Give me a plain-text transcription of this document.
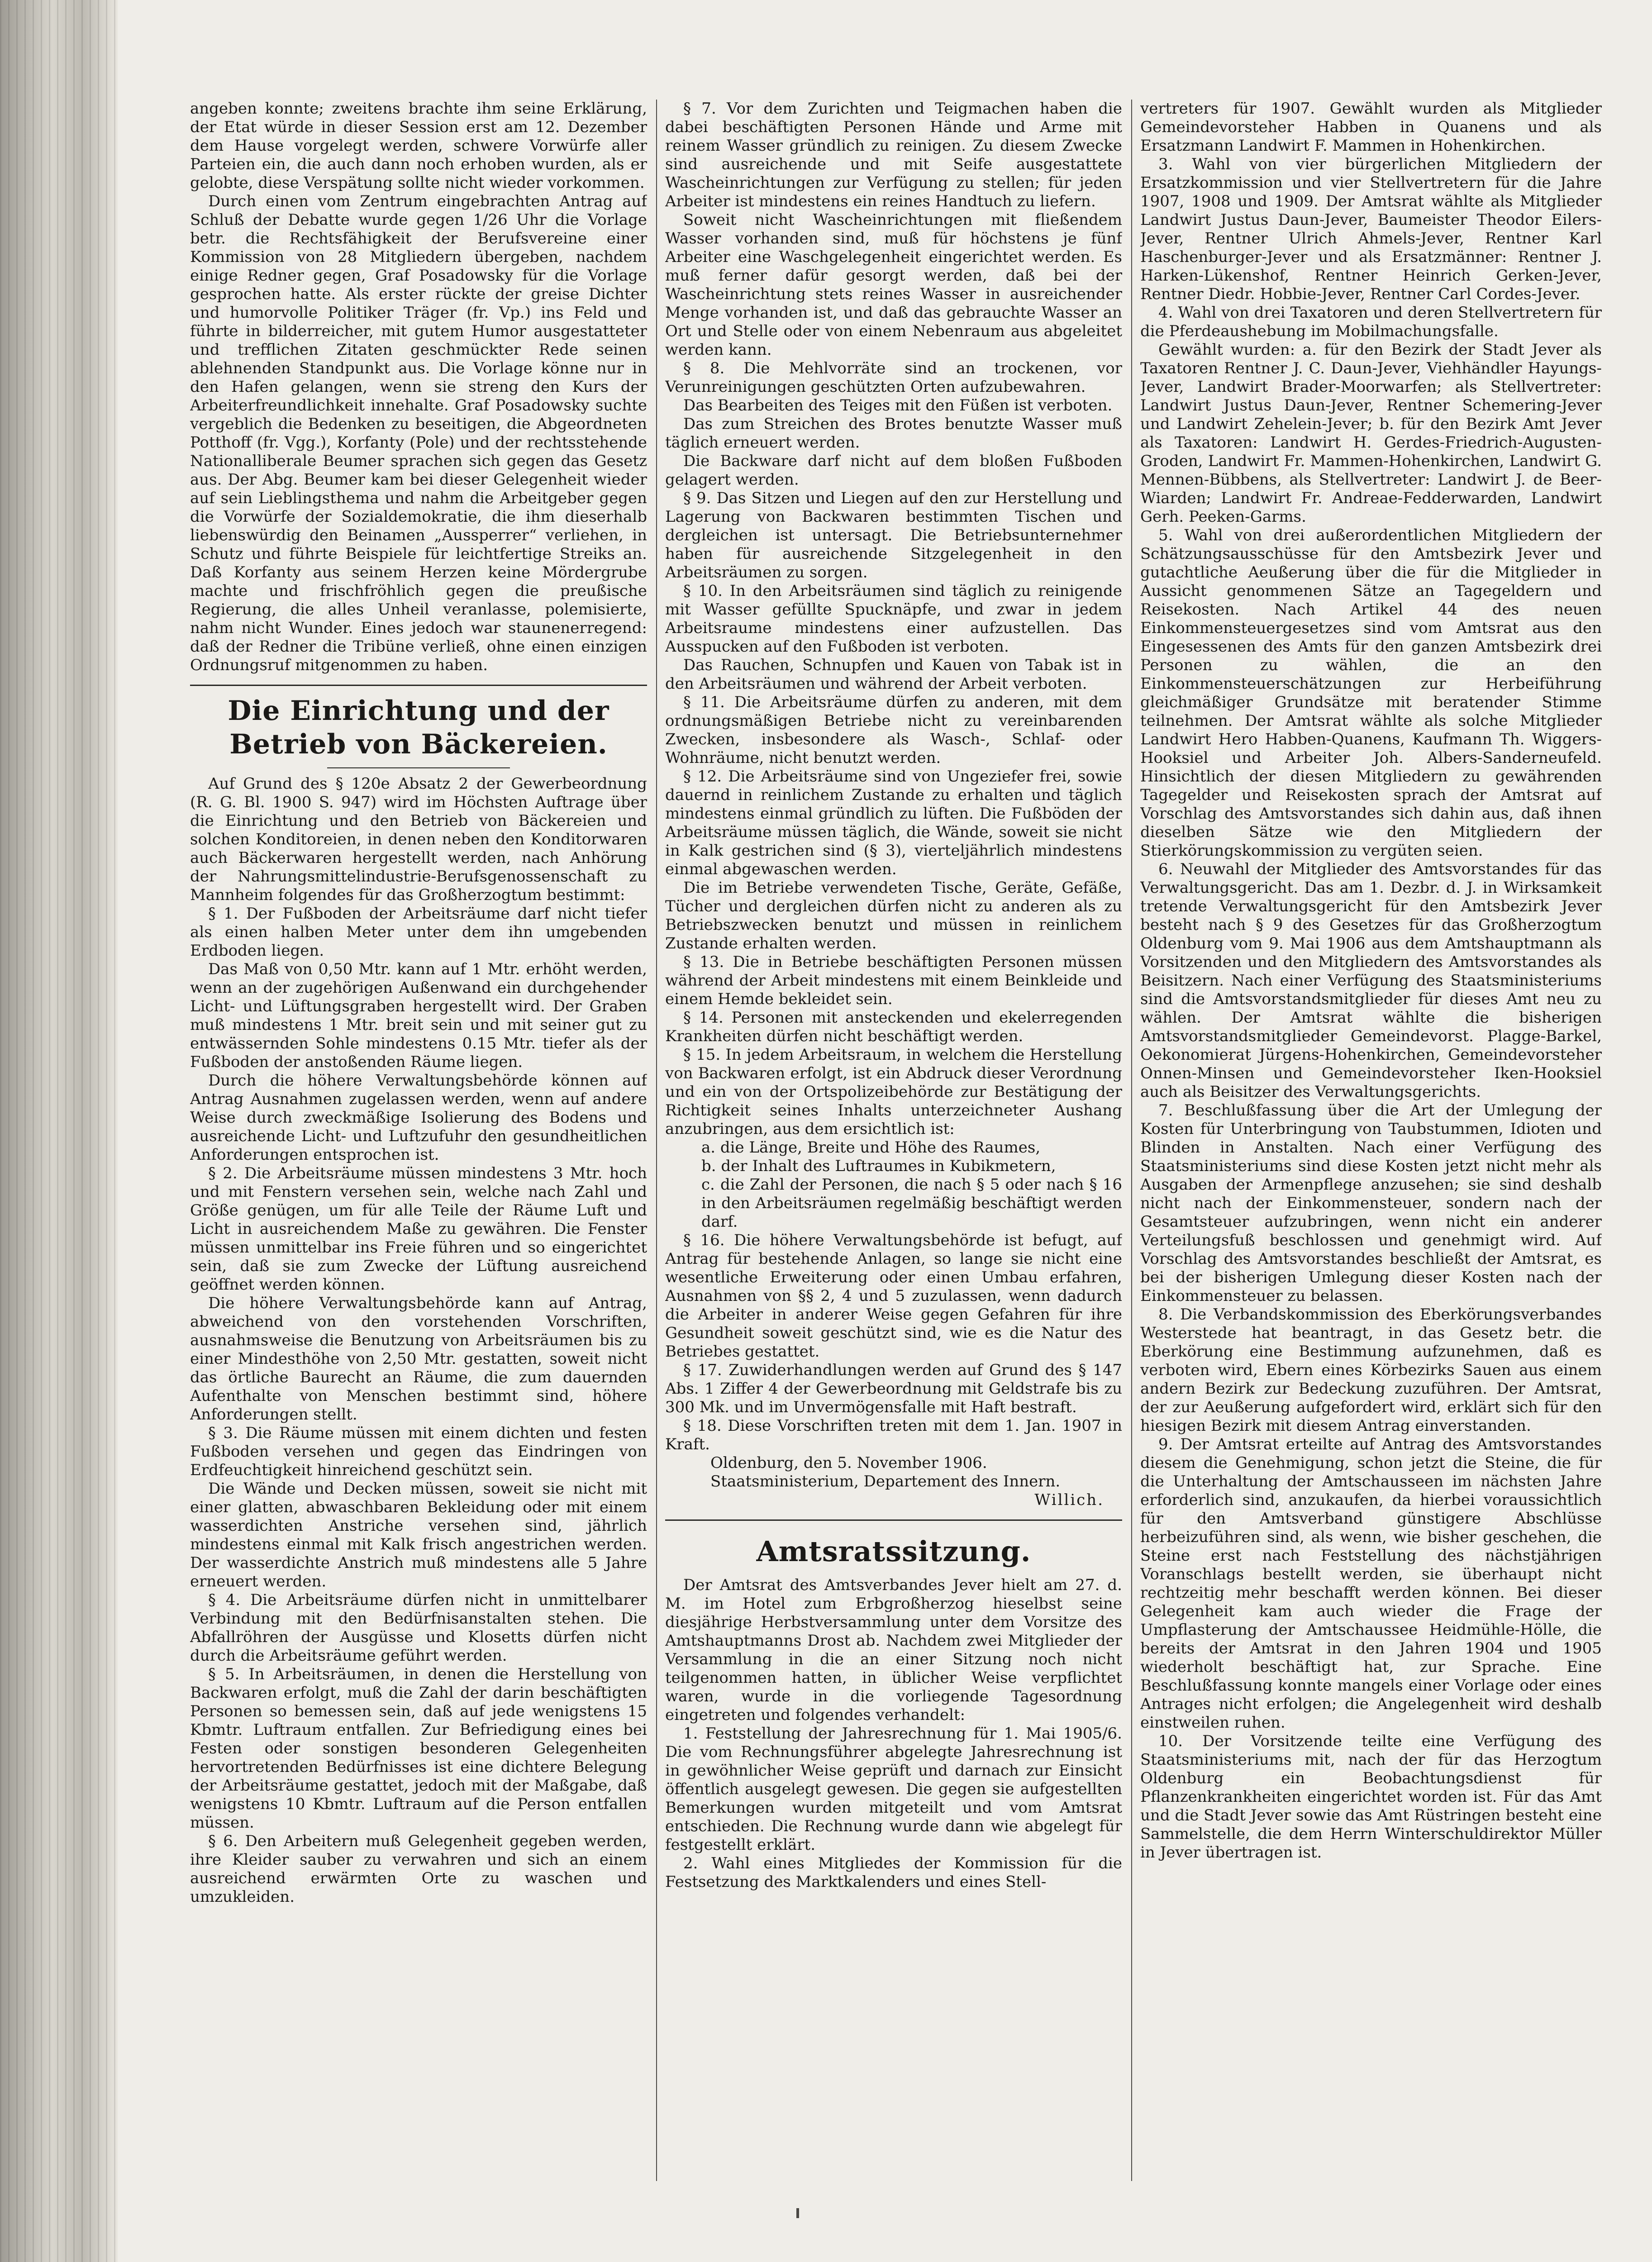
angeben konnte; zweitens brachte ihm seine Erklärung, der Etat würde in dieser Session erst am 12. Dezember dem Hause vorgelegt werden, schwere Vorwürfe aller Parteien ein, die auch dann noch erhoben wurden, als er gelobte, diese Verspätung sollte nicht wieder vorkommen.

Durch einen vom Zentrum eingebrachten Antrag auf Schluß der Debatte wurde gegen 1/26 Uhr die Vorlage betr. die Rechtsfähigkeit der Berufsvereine einer Kommission von 28 Mitgliedern übergeben, nachdem einige Redner gegen, Graf Posadowsky für die Vorlage gesprochen hatte. Als erster rückte der greise Dichter und humorvolle Politiker Träger (fr. Vp.) ins Feld und führte in bilderreicher, mit gutem Humor ausgestatteter und trefflichen Zitaten geschmückter Rede seinen ablehnenden Standpunkt aus. Die Vorlage könne nur in den Hafen gelangen, wenn sie streng den Kurs der Arbeiterfreundlichkeit innehalte. Graf Posadowsky suchte vergeblich die Bedenken zu beseitigen, die Abgeordneten Potthoff (fr. Vgg.), Korfanty (Pole) und der rechtsstehende Nationalliberale Beumer sprachen sich gegen das Gesetz aus. Der Abg. Beumer kam bei dieser Gelegenheit wieder auf sein Lieblingsthema und nahm die Arbeitgeber gegen die Vorwürfe der Sozialdemokratie, die ihm dieserhalb liebenswürdig den Beinamen „Aussperrer“ verliehen, in Schutz und führte Beispiele für leichtfertige Streiks an. Daß Korfanty aus seinem Herzen keine Mördergrube machte und frischfröhlich gegen die preußische Regierung, die alles Unheil veranlasse, polemisierte, nahm nicht Wunder. Eines jedoch war staunenerregend: daß der Redner die Tribüne verließ, ohne einen einzigen Ordnungsruf mitgenommen zu haben.

Die Einrichtung und der Betrieb von Bäckereien.

Auf Grund des § 120e Absatz 2 der Gewerbeordnung (R. G. Bl. 1900 S. 947) wird im Höchsten Auftrage über die Einrichtung und den Betrieb von Bäckereien und solchen Konditoreien, in denen neben den Konditorwaren auch Bäckerwaren hergestellt werden, nach Anhörung der Nahrungsmittelindustrie-Berufsgenossenschaft zu Mannheim folgendes für das Großherzogtum bestimmt:

§ 1. Der Fußboden der Arbeitsräume darf nicht tiefer als einen halben Meter unter dem ihn umgebenden Erdboden liegen.

Das Maß von 0,50 Mtr. kann auf 1 Mtr. erhöht werden, wenn an der zugehörigen Außenwand ein durchgehender Licht- und Lüftungsgraben hergestellt wird. Der Graben muß mindestens 1 Mtr. breit sein und mit seiner gut zu entwässernden Sohle mindestens 0.15 Mtr. tiefer als der Fußboden der anstoßenden Räume liegen.

Durch die höhere Verwaltungsbehörde können auf Antrag Ausnahmen zugelassen werden, wenn auf andere Weise durch zweckmäßige Isolierung des Bodens und ausreichende Licht- und Luftzufuhr den gesundheitlichen Anforderungen entsprochen ist.

§ 2. Die Arbeitsräume müssen mindestens 3 Mtr. hoch und mit Fenstern versehen sein, welche nach Zahl und Größe genügen, um für alle Teile der Räume Luft und Licht in ausreichendem Maße zu gewähren. Die Fenster müssen unmittelbar ins Freie führen und so eingerichtet sein, daß sie zum Zwecke der Lüftung ausreichend geöffnet werden können.

Die höhere Verwaltungsbehörde kann auf Antrag, abweichend von den vorstehenden Vorschriften, ausnahmsweise die Benutzung von Arbeitsräumen bis zu einer Mindesthöhe von 2,50 Mtr. gestatten, soweit nicht das örtliche Baurecht an Räume, die zum dauernden Aufenthalte von Menschen bestimmt sind, höhere Anforderungen stellt.

§ 3. Die Räume müssen mit einem dichten und festen Fußboden versehen und gegen das Eindringen von Erdfeuchtigkeit hinreichend geschützt sein.

Die Wände und Decken müssen, soweit sie nicht mit einer glatten, abwaschbaren Bekleidung oder mit einem wasserdichten Anstriche versehen sind, jährlich mindestens einmal mit Kalk frisch angestrichen werden. Der wasserdichte Anstrich muß mindestens alle 5 Jahre erneuert werden.

§ 4. Die Arbeitsräume dürfen nicht in unmittelbarer Verbindung mit den Bedürfnisanstalten stehen. Die Abfallröhren der Ausgüsse und Klosetts dürfen nicht durch die Arbeitsräume geführt werden.

§ 5. In Arbeitsräumen, in denen die Herstellung von Backwaren erfolgt, muß die Zahl der darin beschäftigten Personen so bemessen sein, daß auf jede wenigstens 15 Kbmtr. Luftraum entfallen. Zur Befriedigung eines bei Festen oder sonstigen besonderen Gelegenheiten hervortretenden Bedürfnisses ist eine dichtere Belegung der Arbeitsräume gestattet, jedoch mit der Maßgabe, daß wenigstens 10 Kbmtr. Luftraum auf die Person entfallen müssen.

§ 6. Den Arbeitern muß Gelegenheit gegeben werden, ihre Kleider sauber zu verwahren und sich an einem ausreichend erwärmten Orte zu waschen und umzukleiden.

§ 7. Vor dem Zurichten und Teigmachen haben die dabei beschäftigten Personen Hände und Arme mit reinem Wasser gründlich zu reinigen. Zu diesem Zwecke sind ausreichende und mit Seife ausgestattete Wascheinrichtungen zur Verfügung zu stellen; für jeden Arbeiter ist mindestens ein reines Handtuch zu liefern.

Soweit nicht Wascheinrichtungen mit fließendem Wasser vorhanden sind, muß für höchstens je fünf Arbeiter eine Waschgelegenheit eingerichtet werden. Es muß ferner dafür gesorgt werden, daß bei der Wascheinrichtung stets reines Wasser in ausreichender Menge vorhanden ist, und daß das gebrauchte Wasser an Ort und Stelle oder von einem Nebenraum aus abgeleitet werden kann.

§ 8. Die Mehlvorräte sind an trockenen, vor Verunreinigungen geschützten Orten aufzubewahren.

Das Bearbeiten des Teiges mit den Füßen ist verboten.

Das zum Streichen des Brotes benutzte Wasser muß täglich erneuert werden.

Die Backware darf nicht auf dem bloßen Fußboden gelagert werden.

§ 9. Das Sitzen und Liegen auf den zur Herstellung und Lagerung von Backwaren bestimmten Tischen und dergleichen ist untersagt. Die Betriebsunternehmer haben für ausreichende Sitzgelegenheit in den Arbeitsräumen zu sorgen.

§ 10. In den Arbeitsräumen sind täglich zu reinigende mit Wasser gefüllte Spucknäpfe, und zwar in jedem Arbeitsraume mindestens einer aufzustellen. Das Ausspucken auf den Fußboden ist verboten.

Das Rauchen, Schnupfen und Kauen von Tabak ist in den Arbeitsräumen und während der Arbeit verboten.

§ 11. Die Arbeitsräume dürfen zu anderen, mit dem ordnungsmäßigen Betriebe nicht zu vereinbarenden Zwecken, insbesondere als Wasch-, Schlaf- oder Wohnräume, nicht benutzt werden.

§ 12. Die Arbeitsräume sind von Ungeziefer frei, sowie dauernd in reinlichem Zustande zu erhalten und täglich mindestens einmal gründlich zu lüften. Die Fußböden der Arbeitsräume müssen täglich, die Wände, soweit sie nicht in Kalk gestrichen sind (§ 3), vierteljährlich mindestens einmal abgewaschen werden.

Die im Betriebe verwendeten Tische, Geräte, Gefäße, Tücher und dergleichen dürfen nicht zu anderen als zu Betriebszwecken benutzt und müssen in reinlichem Zustande erhalten werden.

§ 13. Die in Betriebe beschäftigten Personen müssen während der Arbeit mindestens mit einem Beinkleide und einem Hemde bekleidet sein.

§ 14. Personen mit ansteckenden und ekelerregenden Krankheiten dürfen nicht beschäftigt werden.

§ 15. In jedem Arbeitsraum, in welchem die Herstellung von Backwaren erfolgt, ist ein Abdruck dieser Verordnung und ein von der Ortspolizeibehörde zur Bestätigung der Richtigkeit seines Inhalts unterzeichneter Aushang anzubringen, aus dem ersichtlich ist:

a. die Länge, Breite und Höhe des Raumes,

b. der Inhalt des Luftraumes in Kubikmetern,

c. die Zahl der Personen, die nach § 5 oder nach § 16 in den Arbeitsräumen regelmäßig beschäftigt werden darf.

§ 16. Die höhere Verwaltungsbehörde ist befugt, auf Antrag für bestehende Anlagen, so lange sie nicht eine wesentliche Erweiterung oder einen Umbau erfahren, Ausnahmen von §§ 2, 4 und 5 zuzulassen, wenn dadurch die Arbeiter in anderer Weise gegen Gefahren für ihre Gesundheit soweit geschützt sind, wie es die Natur des Betriebes gestattet.

§ 17. Zuwiderhandlungen werden auf Grund des § 147 Abs. 1 Ziffer 4 der Gewerbeordnung mit Geldstrafe bis zu 300 Mk. und im Unvermögensfalle mit Haft bestraft.

§ 18. Diese Vorschriften treten mit dem 1. Jan. 1907 in Kraft.

Oldenburg, den 5. November 1906.

Staatsministerium, Departement des Innern.

Willich.

Amtsratssitzung.

Der Amtsrat des Amtsverbandes Jever hielt am 27. d. M. im Hotel zum Erbgroßherzog hieselbst seine diesjährige Herbstversammlung unter dem Vorsitze des Amtshauptmanns Drost ab. Nachdem zwei Mitglieder der Versammlung in die an einer Sitzung noch nicht teilgenommen hatten, in üblicher Weise verpflichtet waren, wurde in die vorliegende Tagesordnung eingetreten und folgendes verhandelt:

1. Feststellung der Jahresrechnung für 1. Mai 1905/6. Die vom Rechnungsführer abgelegte Jahresrechnung ist in gewöhnlicher Weise geprüft und darnach zur Einsicht öffentlich ausgelegt gewesen. Die gegen sie aufgestellten Bemerkungen wurden mitgeteilt und vom Amtsrat entschieden. Die Rechnung wurde dann wie abgelegt für festgestellt erklärt.

2. Wahl eines Mitgliedes der Kommission für die Festsetzung des Marktkalenders und eines Stell-

vertreters für 1907. Gewählt wurden als Mitglieder Gemeindevorsteher Habben in Quanens und als Ersatzmann Landwirt F. Mammen in Hohenkirchen.

3. Wahl von vier bürgerlichen Mitgliedern der Ersatzkommission und vier Stellvertretern für die Jahre 1907, 1908 und 1909. Der Amtsrat wählte als Mitglieder Landwirt Justus Daun-Jever, Baumeister Theodor Eilers-Jever, Rentner Ulrich Ahmels-Jever, Rentner Karl Haschenburger-Jever und als Ersatzmänner: Rentner J. Harken-Lükenshof, Rentner Heinrich Gerken-Jever, Rentner Diedr. Hobbie-Jever, Rentner Carl Cordes-Jever.

4. Wahl von drei Taxatoren und deren Stellvertretern für die Pferdeaushebung im Mobilmachungsfalle.

Gewählt wurden: a. für den Bezirk der Stadt Jever als Taxatoren Rentner J. C. Daun-Jever, Viehhändler Hayungs-Jever, Landwirt Brader-Moorwarfen; als Stellvertreter: Landwirt Justus Daun-Jever, Rentner Schemering-Jever und Landwirt Zehelein-Jever; b. für den Bezirk Amt Jever als Taxatoren: Landwirt H. Gerdes-Friedrich-Augusten-Groden, Landwirt Fr. Mammen-Hohenkirchen, Landwirt G. Mennen-Bübbens, als Stellvertreter: Landwirt J. de Beer-Wiarden; Landwirt Fr. Andreae-Fedderwarden, Landwirt Gerh. Peeken-Garms.

5. Wahl von drei außerordentlichen Mitgliedern der Schätzungsausschüsse für den Amtsbezirk Jever und gutachtliche Aeußerung über die für die Mitglieder in Aussicht genommenen Sätze an Tagegeldern und Reisekosten. Nach Artikel 44 des neuen Einkommensteuergesetzes sind vom Amtsrat aus den Eingesessenen des Amts für den ganzen Amtsbezirk drei Personen zu wählen, die an den Einkommensteuerschätzungen zur Herbeiführung gleichmäßiger Grundsätze mit beratender Stimme teilnehmen. Der Amtsrat wählte als solche Mitglieder Landwirt Hero Habben-Quanens, Kaufmann Th. Wiggers-Hooksiel und Arbeiter Joh. Albers-Sanderneufeld. Hinsichtlich der diesen Mitgliedern zu gewährenden Tagegelder und Reisekosten sprach der Amtsrat auf Vorschlag des Amtsvorstandes sich dahin aus, daß ihnen dieselben Sätze wie den Mitgliedern der Stierkörungskommission zu vergüten seien.

6. Neuwahl der Mitglieder des Amtsvorstandes für das Verwaltungsgericht. Das am 1. Dezbr. d. J. in Wirksamkeit tretende Verwaltungsgericht für den Amtsbezirk Jever besteht nach § 9 des Gesetzes für das Großherzogtum Oldenburg vom 9. Mai 1906 aus dem Amtshauptmann als Vorsitzenden und den Mitgliedern des Amtsvorstandes als Beisitzern. Nach einer Verfügung des Staatsministeriums sind die Amtsvorstandsmitglieder für dieses Amt neu zu wählen. Der Amtsrat wählte die bisherigen Amtsvorstandsmitglieder Gemeindevorst. Plagge-Barkel, Oekonomierat Jürgens-Hohenkirchen, Gemeindevorsteher Onnen-Minsen und Gemeindevorsteher Iken-Hooksiel auch als Beisitzer des Verwaltungsgerichts.

7. Beschlußfassung über die Art der Umlegung der Kosten für Unterbringung von Taubstummen, Idioten und Blinden in Anstalten. Nach einer Verfügung des Staatsministeriums sind diese Kosten jetzt nicht mehr als Ausgaben der Armenpflege anzusehen; sie sind deshalb nicht nach der Einkommensteuer, sondern nach der Gesamtsteuer aufzubringen, wenn nicht ein anderer Verteilungsfuß beschlossen und genehmigt wird. Auf Vorschlag des Amtsvorstandes beschließt der Amtsrat, es bei der bisherigen Umlegung dieser Kosten nach der Einkommensteuer zu belassen.

8. Die Verbandskommission des Eberkörungsverbandes Westerstede hat beantragt, in das Gesetz betr. die Eberkörung eine Bestimmung aufzunehmen, daß es verboten wird, Ebern eines Körbezirks Sauen aus einem andern Bezirk zur Bedeckung zuzuführen. Der Amtsrat, der zur Aeußerung aufgefordert wird, erklärt sich für den hiesigen Bezirk mit diesem Antrag einverstanden.

9. Der Amtsrat erteilte auf Antrag des Amtsvorstandes diesem die Genehmigung, schon jetzt die Steine, die für die Unterhaltung der Amtschausseen im nächsten Jahre erforderlich sind, anzukaufen, da hierbei voraussichtlich für den Amtsverband günstigere Abschlüsse herbeizuführen sind, als wenn, wie bisher geschehen, die Steine erst nach Feststellung des nächstjährigen Voranschlags bestellt werden, sie überhaupt nicht rechtzeitig mehr beschafft werden können. Bei dieser Gelegenheit kam auch wieder die Frage der Umpflasterung der Amtschaussee Heidmühle-Hölle, die bereits der Amtsrat in den Jahren 1904 und 1905 wiederholt beschäftigt hat, zur Sprache. Eine Beschlußfassung konnte mangels einer Vorlage oder eines Antrages nicht erfolgen; die Angelegenheit wird deshalb einstweilen ruhen.

10. Der Vorsitzende teilte eine Verfügung des Staatsministeriums mit, nach der für das Herzogtum Oldenburg ein Beobachtungsdienst für Pflanzenkrankheiten eingerichtet worden ist. Für das Amt und die Stadt Jever sowie das Amt Rüstringen besteht eine Sammelstelle, die dem Herrn Winterschuldirektor Müller in Jever übertragen ist.
